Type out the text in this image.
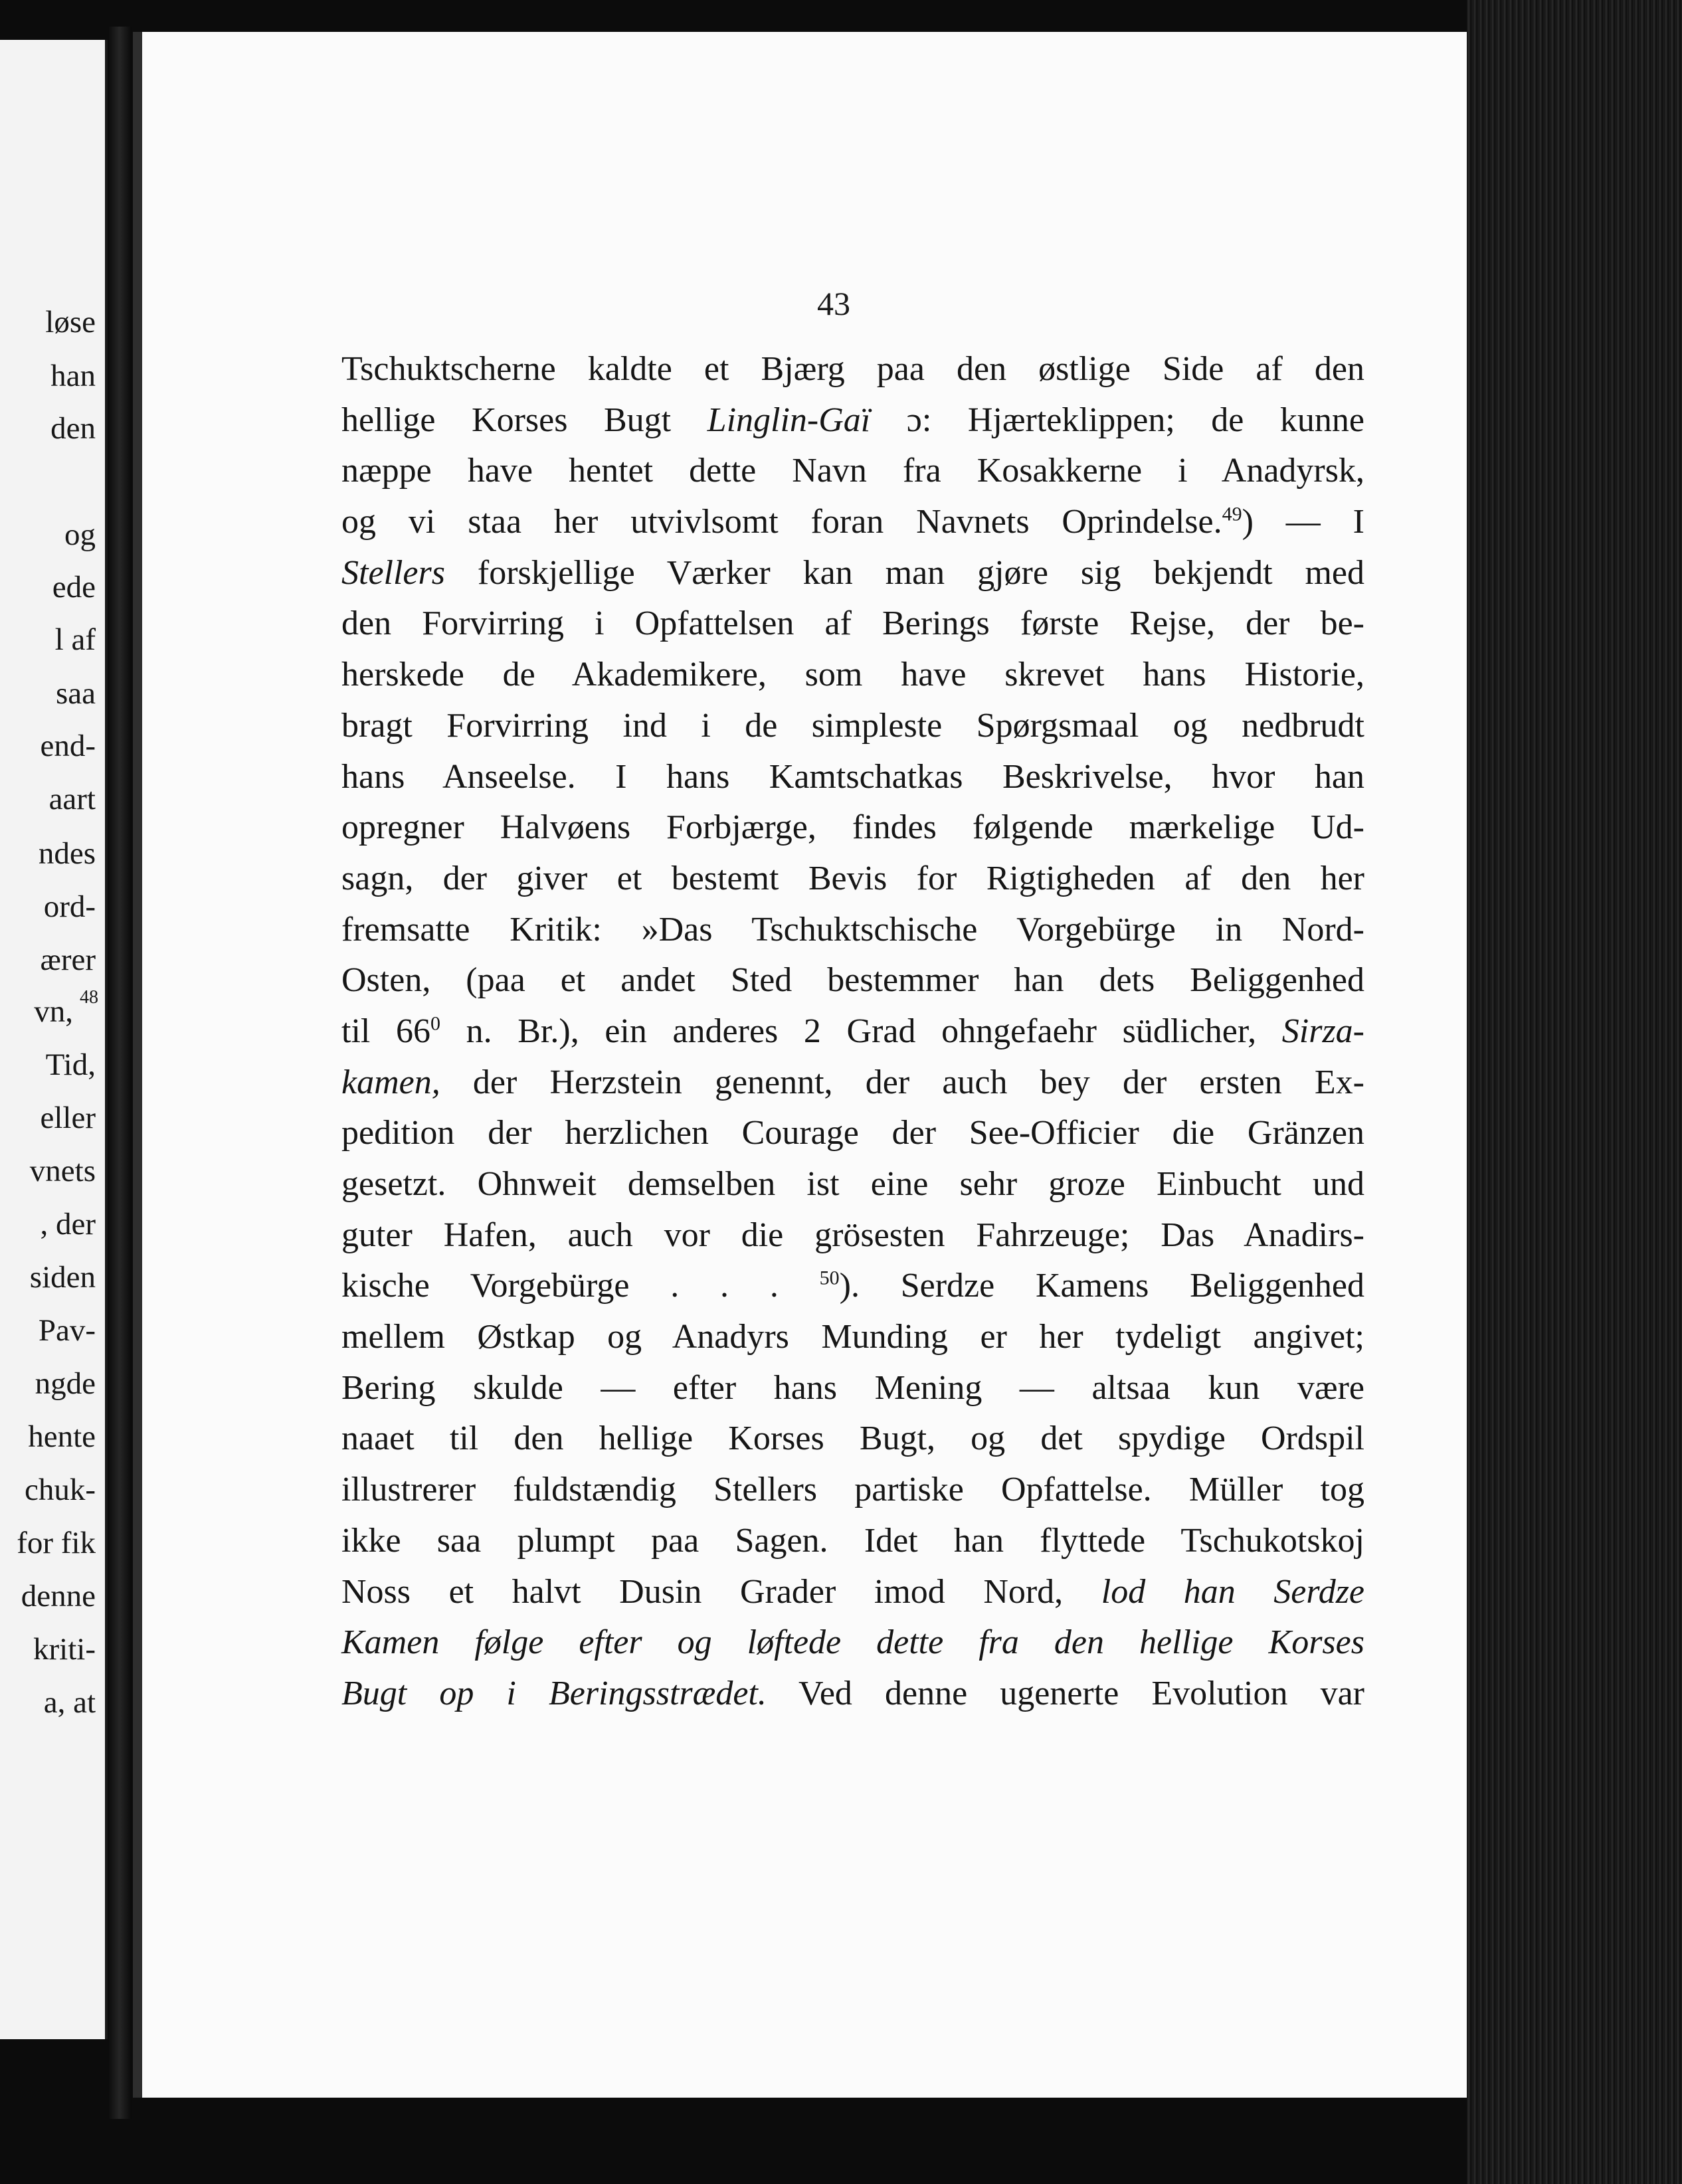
løse
han
den
og
ede
l af
saa
end-
aart
ndes
ord-
ærer
vn, 48
Tid,
eller
vnets
, der
siden
Pav-
ngde
hente
chuk-
for fik
denne
kriti-
a, at
43
Tschuktscherne kaldte et Bjærg paa den østlige Side af den
hellige Korses Bugt Linglin-Gaï ɔ: Hjærteklippen; de kunne
næppe have hentet dette Navn fra Kosakkerne i Anadyrsk,
og vi staa her utvivlsomt foran Navnets Oprindelse.$^{49}$) — I
Stellers forskjellige Værker kan man gjøre sig bekjendt med
den Forvirring i Opfattelsen af Berings første Rejse, der be-
herskede de Akademikere, som have skrevet hans Historie,
bragt Forvirring ind i de simpleste Spørgsmaal og nedbrudt
hans Anseelse. I hans Kamtschatkas Beskrivelse, hvor han
opregner Halvøens Forbjærge, findes følgende mærkelige Ud-
sagn, der giver et bestemt Bevis for Rigtigheden af den her
fremsatte Kritik: »Das Tschuktschische Vorgebürge in Nord-
Osten, (paa et andet Sted bestemmer han dets Beliggenhed
til $66^0$ n. Br.), ein anderes 2 Grad ohngefaehr südlicher, Sirza-
kamen, der Herzstein genennt, der auch bey der ersten Ex-
pedition der herzlichen Courage der See-Officier die Gränzen
gesetzt. Ohnweit demselben ist eine sehr groze Einbucht und
guter Hafen, auch vor die grösesten Fahrzeuge; Das Anadirs-
kische Vorgebürge . . . $^{50}$). Serdze Kamens Beliggenhed
mellem Østkap og Anadyrs Munding er her tydeligt angivet;
Bering skulde — efter hans Mening — altsaa kun være
naaet til den hellige Korses Bugt, og det spydige Ordspil
illustrerer fuldstændig Stellers partiske Opfattelse. Müller tog
ikke saa plumpt paa Sagen. Idet han flyttede Tschukotskoj
Noss et halvt Dusin Grader imod Nord, lod han Serdze
Kamen følge efter og løftede dette fra den hellige Korses
Bugt op i Beringsstrædet. Ved denne ugenerte Evolution var
